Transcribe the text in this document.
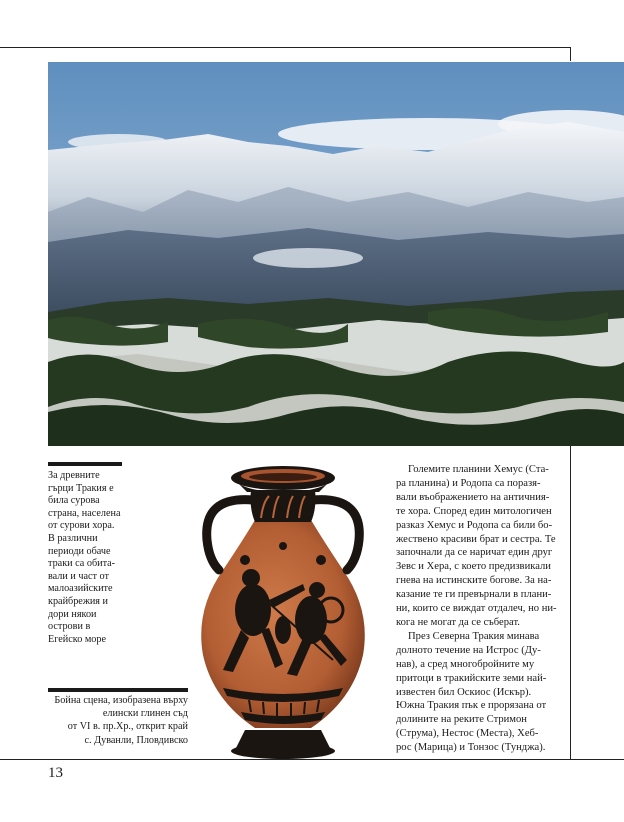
За древните
гърци Тракия е
била сурова
страна, населена
от сурови хора.
В различни
периоди обаче
траки са обита-
вали и част от
малоазийските
крайбрежия и
дори някои
острови в
Егейско море
Бойна сцена, изобразена върху
елински глинен съд
от VI в. пр.Хр., открит край
с. Дуванли, Пловдивско

Големите планини Хемус (Ста-
ра планина) и Родопа са поразя-
вали въображението на античния-
те хора. Според един митологичен
разказ Хемус и Родопа са били бо-
жествено красиви брат и сестра. Те
започнали да се наричат един друг
Зевс и Хера, с което предизвикали
гнева на истинските богове. За на-
казание те ги превърнали в плани-
ни, които се виждат отдалеч, но ни-
кога не могат да се съберат.

През Северна Тракия минава
долното течение на Истрос (Ду-
нав), а сред многобройните му
притоци в тракийските земи най-
известен бил Оскиос (Искър).
Южна Тракия пък е прорязана от
долините на реките Стримон
(Струма), Нестос (Места), Хеб-
рос (Марица) и Тонзос (Тунджа).

13
